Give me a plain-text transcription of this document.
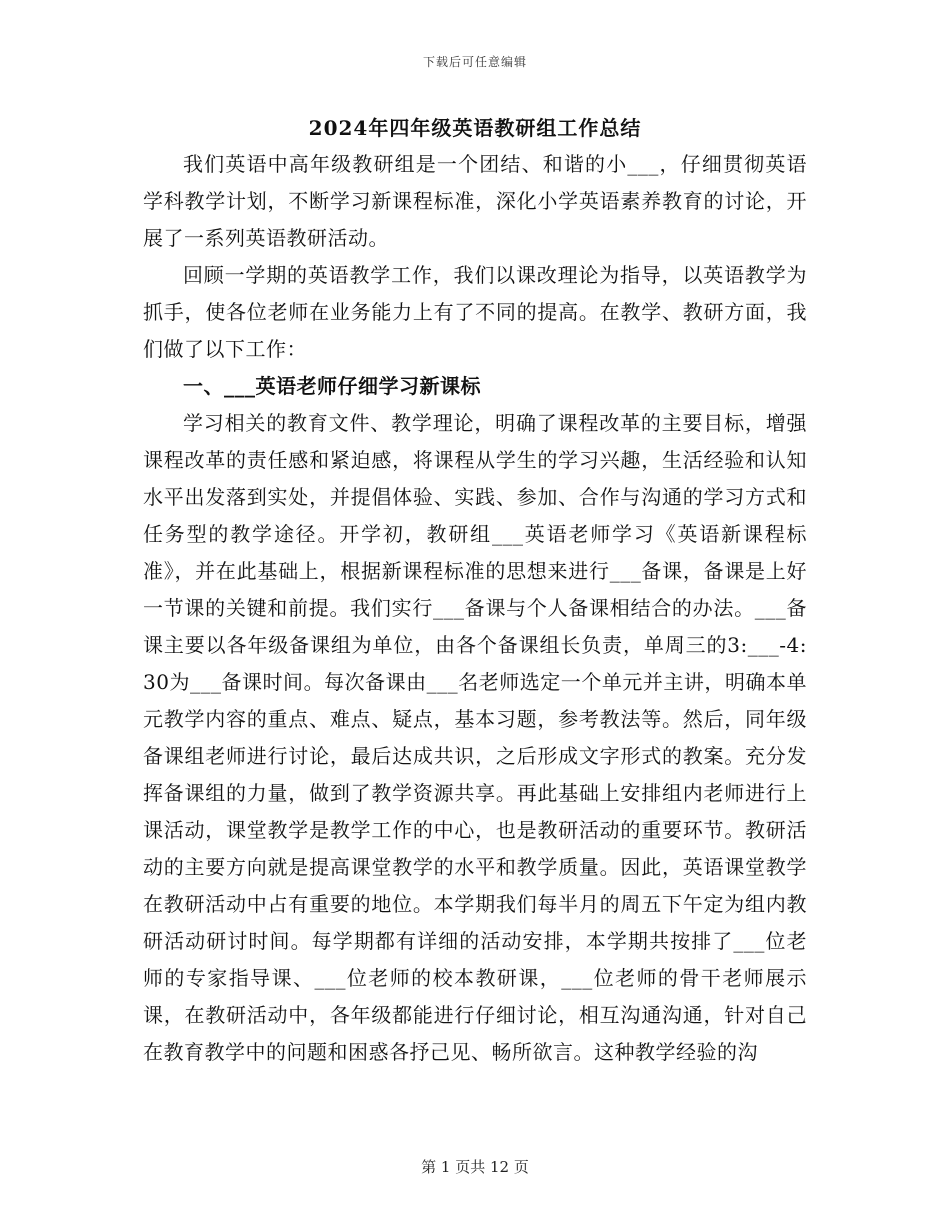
下载后可任意编辑
2024年四年级英语教研组工作总结

我们英语中高年级教研组是一个团结、和谐的小___，仔细贯彻英语学科教学计划，不断学习新课程标准，深化小学英语素养教育的讨论，开展了一系列英语教研活动。

回顾一学期的英语教学工作，我们以课改理论为指导，以英语教学为抓手，使各位老师在业务能力上有了不同的提高。在教学、教研方面，我们做了以下工作：

一、___英语老师仔细学习新课标

学习相关的教育文件、教学理论，明确了课程改革的主要目标，增强课程改革的责任感和紧迫感，将课程从学生的学习兴趣，生活经验和认知水平出发落到实处，并提倡体验、实践、参加、合作与沟通的学习方式和任务型的教学途径。开学初，教研组___英语老师学习《英语新课程标准》，并在此基础上，根据新课程标准的思想来进行___备课，备课是上好一节课的关键和前提。我们实行___备课与个人备课相结合的办法。___备课主要以各年级备课组为单位，由各个备课组长负责，单周三的3:___-4:30为___备课时间。每次备课由___名老师选定一个单元并主讲，明确本单元教学内容的重点、难点、疑点，基本习题，参考教法等。然后，同年级备课组老师进行讨论，最后达成共识，之后形成文字形式的教案。充分发挥备课组的力量，做到了教学资源共享。再此基础上安排组内老师进行上课活动，课堂教学是教学工作的中心，也是教研活动的重要环节。教研活动的主要方向就是提高课堂教学的水平和教学质量。因此，英语课堂教学在教研活动中占有重要的地位。本学期我们每半月的周五下午定为组内教研活动研讨时间。每学期都有详细的活动安排，本学期共按排了___位老师的专家指导课、___位老师的校本教研课，___位老师的骨干老师展示课，在教研活动中，各年级都能进行仔细讨论，相互沟通沟通，针对自己在教育教学中的问题和困惑各抒己见、畅所欲言。这种教学经验的沟

第 1 页共 12 页
